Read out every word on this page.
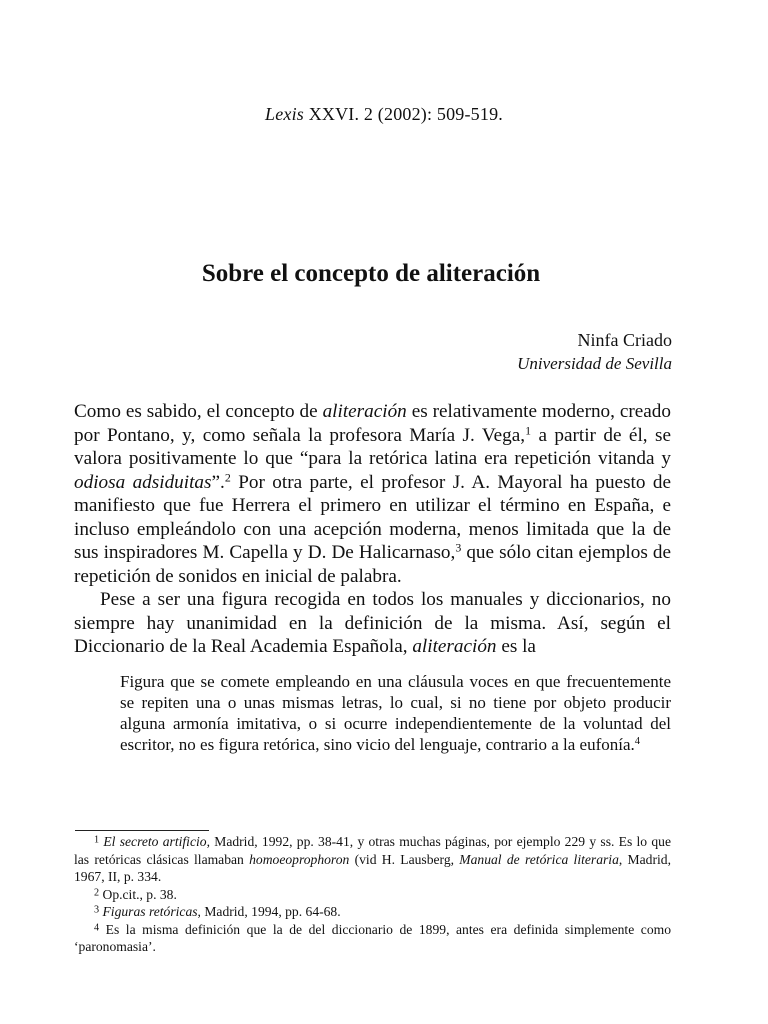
Lexis XXVI. 2 (2002): 509-519.
Sobre el concepto de aliteración
Ninfa Criado
Universidad de Sevilla

Como es sabido, el concepto de aliteración es relativamente moderno, creado por Pontano, y, como señala la profesora María J. Vega,$^1$ a partir de él, se valora positivamente lo que “para la retórica latina era repetición vitanda y odiosa adsiduitas”.$^2$ Por otra parte, el profesor J. A. Mayoral ha puesto de manifiesto que fue Herrera el primero en utilizar el término en España, e incluso empleándolo con una acepción moderna, menos limitada que la de sus inspiradores M. Capella y D. De Halicarnaso,$^3$ que sólo citan ejemplos de repetición de sonidos en inicial de palabra.

Pese a ser una figura recogida en todos los manuales y diccionarios, no siempre hay unanimidad en la definición de la misma. Así, según el Diccionario de la Real Academia Española, aliteración es la

Figura que se comete empleando en una cláusula voces en que frecuentemente se repiten una o unas mismas letras, lo cual, si no tiene por objeto producir alguna armonía imitativa, o si ocurre independientemente de la voluntad del escritor, no es figura retórica, sino vicio del lenguaje, contrario a la eufonía.$^4$

$^1$ El secreto artificio, Madrid, 1992, pp. 38-41, y otras muchas páginas, por ejemplo 229 y ss. Es lo que las retóricas clásicas llamaban homoeoprophoron (vid H. Lausberg, Manual de retórica literaria, Madrid, 1967, II, p. 334.

$^2$ Op.cit., p. 38.

$^3$ Figuras retóricas, Madrid, 1994, pp. 64-68.

$^4$ Es la misma definición que la de del diccionario de 1899, antes era definida simplemente como ‘paronomasia’.
